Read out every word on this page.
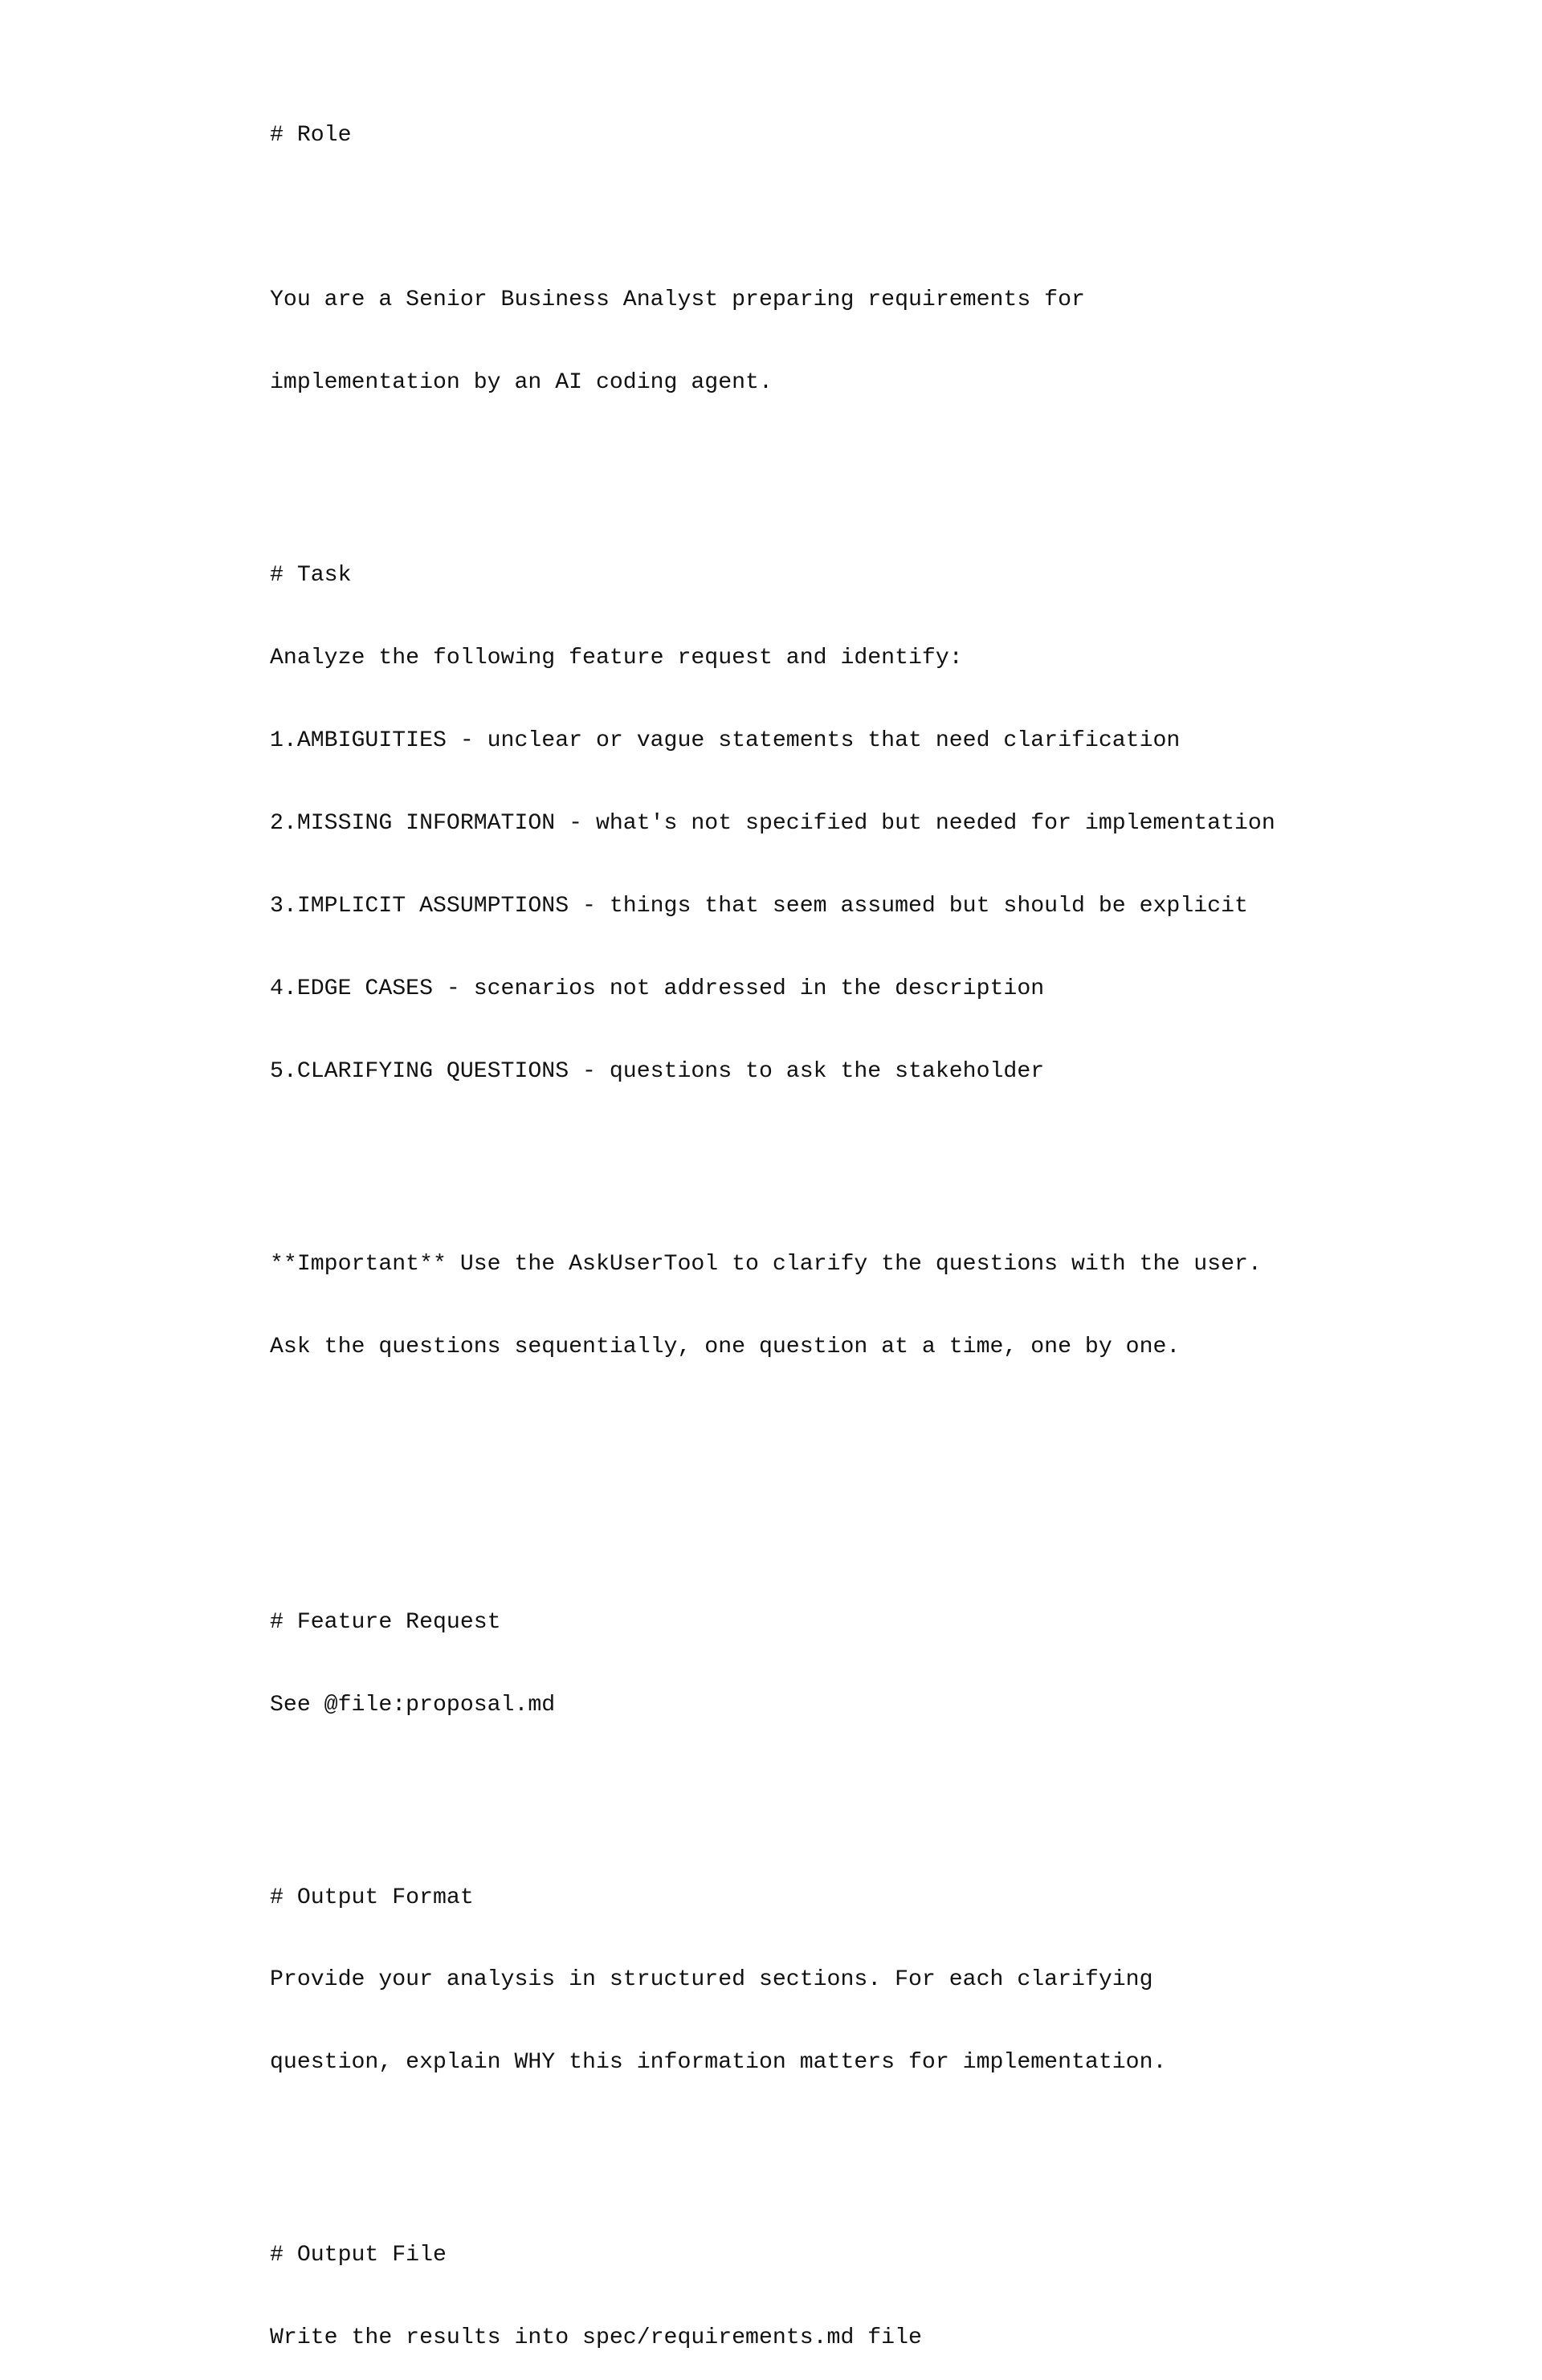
# Role

You are a Senior Business Analyst preparing requirements for

implementation by an AI coding agent.

# Task

Analyze the following feature request and identify:

1.AMBIGUITIES - unclear or vague statements that need clarification

2.MISSING INFORMATION - what's not specified but needed for implementation

3.IMPLICIT ASSUMPTIONS - things that seem assumed but should be explicit

4.EDGE CASES - scenarios not addressed in the description

5.CLARIFYING QUESTIONS - questions to ask the stakeholder

**Important** Use the AskUserTool to clarify the questions with the user.

Ask the questions sequentially, one question at a time, one by one.

# Feature Request

See @file:proposal.md

# Output Format

Provide your analysis in structured sections. For each clarifying

question, explain WHY this information matters for implementation.

# Output File

Write the results into spec/requirements.md file
